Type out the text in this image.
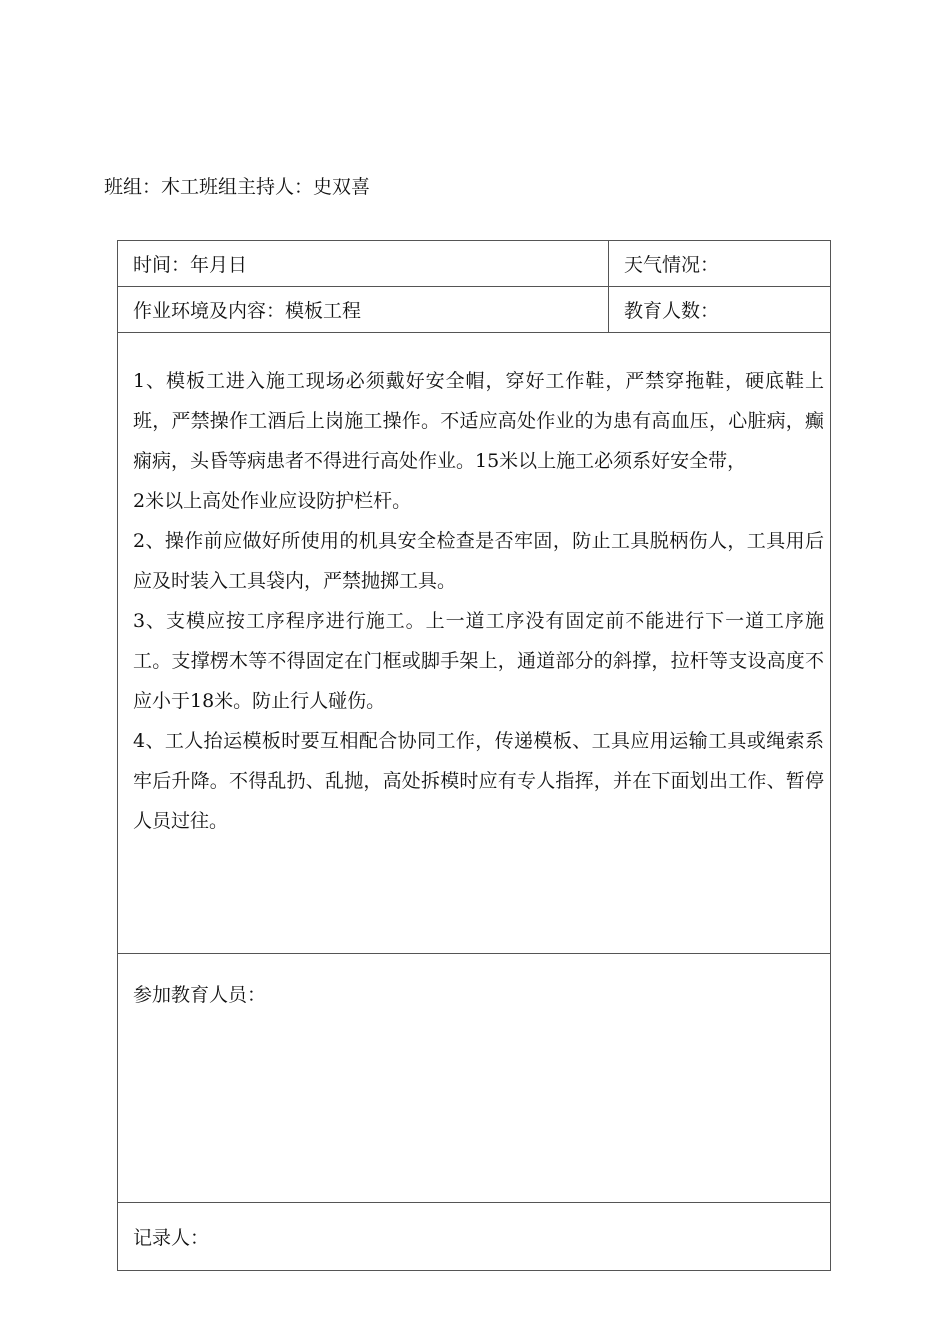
班组：木工班组主持人：史双喜
时间：年月日	天气情况：
作业环境及内容：模板工程	教育人数：

1、模板工进入施工现场必须戴好安全帽，穿好工作鞋，严禁穿拖鞋，硬底鞋上班，严禁操作工酒后上岗施工操作。不适应高处作业的为患有高血压，心脏病，癫痫病，头昏等病患者不得进行高处作业。15米以上施工必须系好安全带，

2米以上高处作业应设防护栏杆。

2、操作前应做好所使用的机具安全检查是否牢固，防止工具脱柄伤人，工具用后应及时装入工具袋内，严禁抛掷工具。

3、支模应按工序程序进行施工。上一道工序没有固定前不能进行下一道工序施工。支撑楞木等不得固定在门框或脚手架上，通道部分的斜撑，拉杆等支设高度不应小于18米。防止行人碰伤。

4、工人抬运模板时要互相配合协同工作，传递模板、工具应用运输工具或绳索系牢后升降。不得乱扔、乱抛，高处拆模时应有专人指挥，并在下面划出工作、暂停人员过往。	

参加教育人员：	
记录人：	
